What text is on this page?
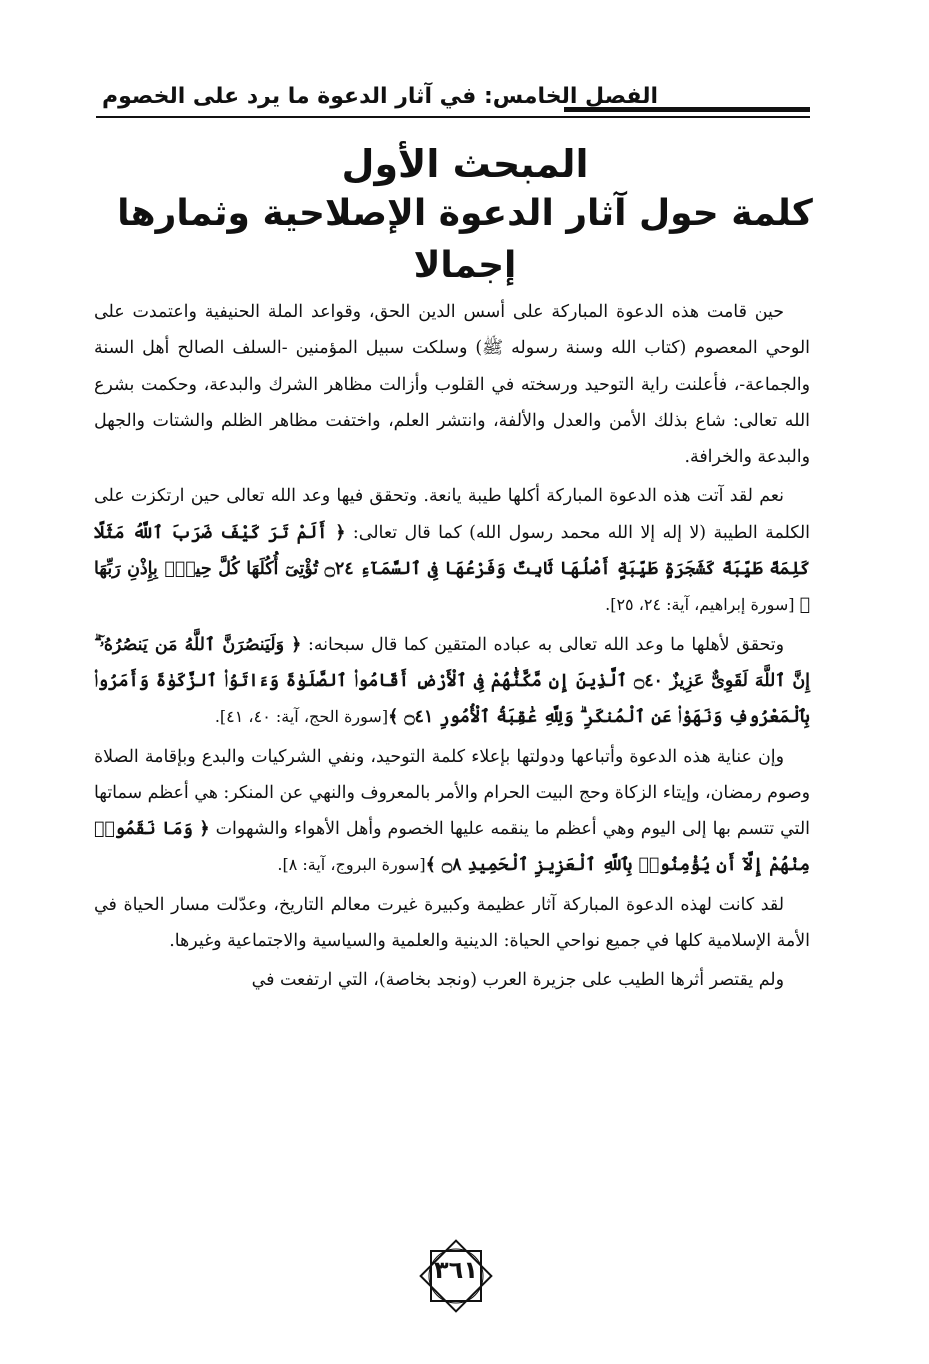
الفصل الخامس: في آثار الدعوة ما يرد على الخصوم
المبحث الأول
كلمة حول آثار الدعوة الإصلاحية وثمارها إجمالا

حين قامت هذه الدعوة المباركة على أسس الدين الحق، وقواعد الملة الحنيفية واعتمدت على الوحي المعصوم (كتاب الله وسنة رسوله ﷺ) وسلكت سبيل المؤمنين -السلف الصالح أهل السنة والجماعة-، فأعلنت راية التوحيد ورسخته في القلوب وأزالت مظاهر الشرك والبدعة، وحكمت بشرع الله تعالى: شاع بذلك الأمن والعدل والألفة، وانتشر العلم، واختفت مظاهر الظلم والشتات والجهل والبدعة والخرافة.

نعم لقد آتت هذه الدعوة المباركة أكلها طيبة يانعة. وتحقق فيها وعد الله تعالى حين ارتكزت على الكلمة الطيبة (لا إله إلا الله محمد رسول الله) كما قال تعالى: ﴿ أَلَمْ تَرَ كَيْفَ ضَرَبَ ٱللَّهُ مَثَلًا كَلِمَةً طَيِّبَةً كَشَجَرَةٍ طَيِّبَةٍ أَصْلُهَا ثَابِتٌ وَفَرْعُهَا فِى ٱلسَّمَآءِ ۝٢٤ تُؤْتِىٓ أُكُلَهَا كُلَّ حِينٍۭ بِإِذْنِ رَبِّهَا ﴾ [سورة إبراهيم، آية: ٢٤، ٢٥].

وتحقق لأهلها ما وعد الله تعالى به عباده المتقين كما قال سبحانه: ﴿ وَلَيَنصُرَنَّ ٱللَّهُ مَن يَنصُرُهُۥٓ ۗ إِنَّ ٱللَّهَ لَقَوِىٌّ عَزِيزٌ ۝٤٠ ٱلَّذِينَ إِن مَّكَّنَّٰهُمْ فِى ٱلْأَرْضِ أَقَامُوا۟ ٱلصَّلَوٰةَ وَءَاتَوُا۟ ٱلزَّكَوٰةَ وَأَمَرُوا۟ بِٱلْمَعْرُوفِ وَنَهَوْا۟ عَنِ ٱلْمُنكَرِ ۗ وَلِلَّهِ عَٰقِبَةُ ٱلْأُمُورِ ۝٤١ ﴾[سورة الحج، آية: ٤٠، ٤١].

وإن عناية هذه الدعوة وأتباعها ودولتها بإعلاء كلمة التوحيد، ونفي الشركيات والبدع وبإقامة الصلاة وصوم رمضان، وإيتاء الزكاة وحج البيت الحرام والأمر بالمعروف والنهي عن المنكر: هي أعظم سماتها التي تتسم بها إلى اليوم وهي أعظم ما ينقمه عليها الخصوم وأهل الأهواء والشهوات ﴿ وَمَا نَقَمُوا۟ مِنْهُمْ إِلَّآ أَن يُؤْمِنُوا۟ بِٱللَّهِ ٱلْعَزِيزِ ٱلْحَمِيدِ ۝٨ ﴾[سورة البروج، آية: ٨].

لقد كانت لهذه الدعوة المباركة آثار عظيمة وكبيرة غيرت معالم التاريخ، وعدّلت مسار الحياة في الأمة الإسلامية كلها في جميع نواحي الحياة: الدينية والعلمية والسياسية والاجتماعية وغيرها.

ولم يقتصر أثرها الطيب على جزيرة العرب (ونجد بخاصة)، التي ارتفعت في

٣٦١
